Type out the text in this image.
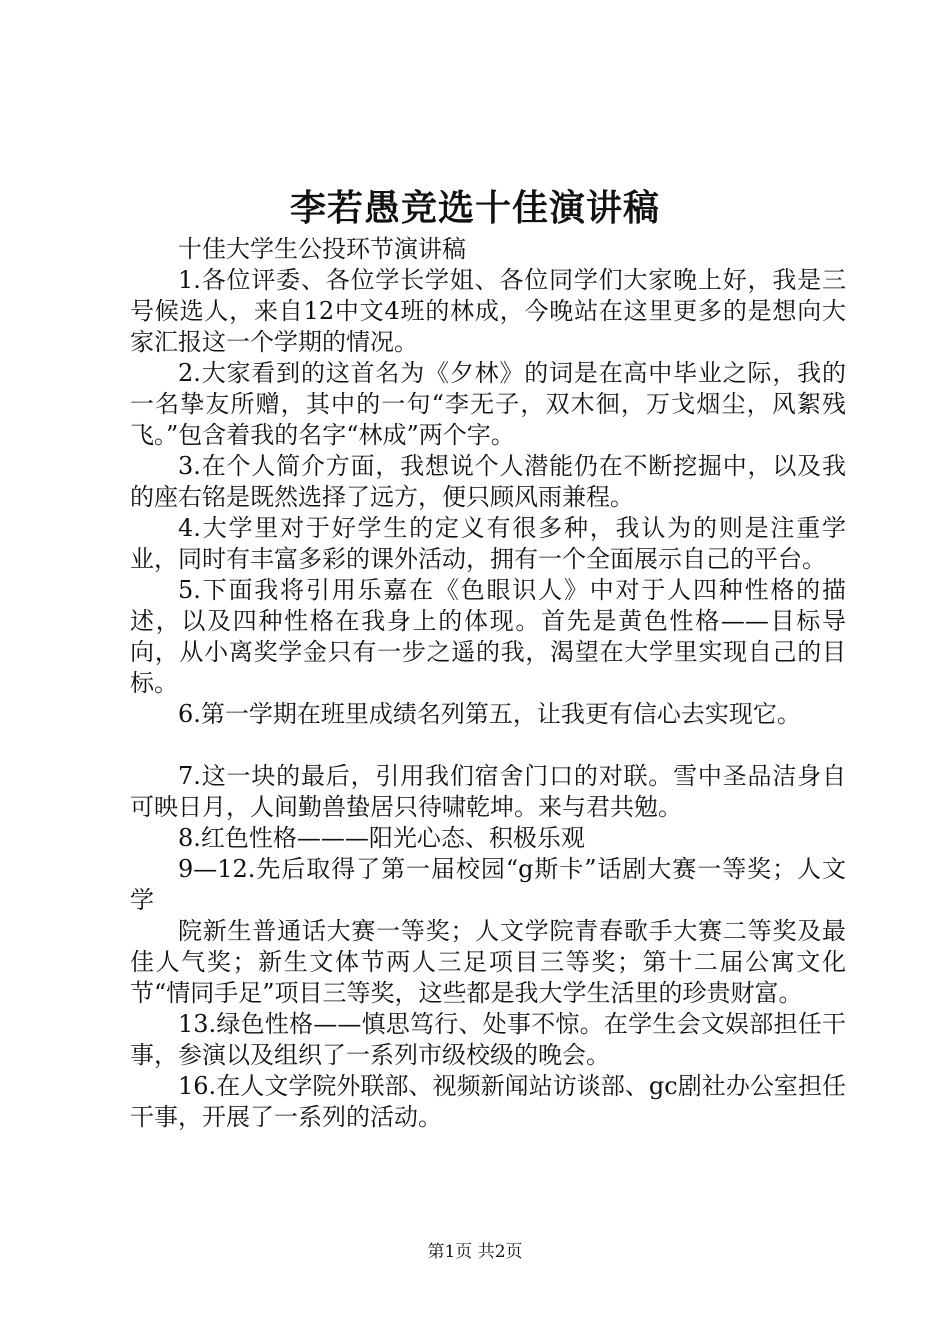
李若愚竞选十佳演讲稿

十佳大学生公投环节演讲稿

1.各位评委、各位学长学姐、各位同学们大家晚上好，我是三号候选人，来自12中文4班的林成，今晚站在这里更多的是想向大家汇报这一个学期的情况。

2.大家看到的这首名为《夕林》的词是在高中毕业之际，我的一名挚友所赠，其中的一句“李无子，双木徊，万戈烟尘，风絮残飞。”包含着我的名字“林成”两个字。

3.在个人简介方面，我想说个人潜能仍在不断挖掘中，以及我的座右铭是既然选择了远方，便只顾风雨兼程。

4.大学里对于好学生的定义有很多种，我认为的则是注重学业，同时有丰富多彩的课外活动，拥有一个全面展示自己的平台。

5.下面我将引用乐嘉在《色眼识人》中对于人四种性格的描述，以及四种性格在我身上的体现。首先是黄色性格——目标导向，从小离奖学金只有一步之遥的我，渴望在大学里实现自己的目标。

6.第一学期在班里成绩名列第五，让我更有信心去实现它。

7.这一块的最后，引用我们宿舍门口的对联。雪中圣品洁身自可映日月，人间勤兽蛰居只待啸乾坤。来与君共勉。

8.红色性格———阳光心态、积极乐观

9—12.先后取得了第一届校园“g斯卡”话剧大赛一等奖；人文学

院新生普通话大赛一等奖；人文学院青春歌手大赛二等奖及最佳人气奖；新生文体节两人三足项目三等奖；第十二届公寓文化节“情同手足”项目三等奖，这些都是我大学生活里的珍贵财富。

13.绿色性格——慎思笃行、处事不惊。在学生会文娱部担任干事，参演以及组织了一系列市级校级的晚会。

16.在人文学院外联部、视频新闻站访谈部、gc剧社办公室担任干事，开展了一系列的活动。

第1页 共2页
